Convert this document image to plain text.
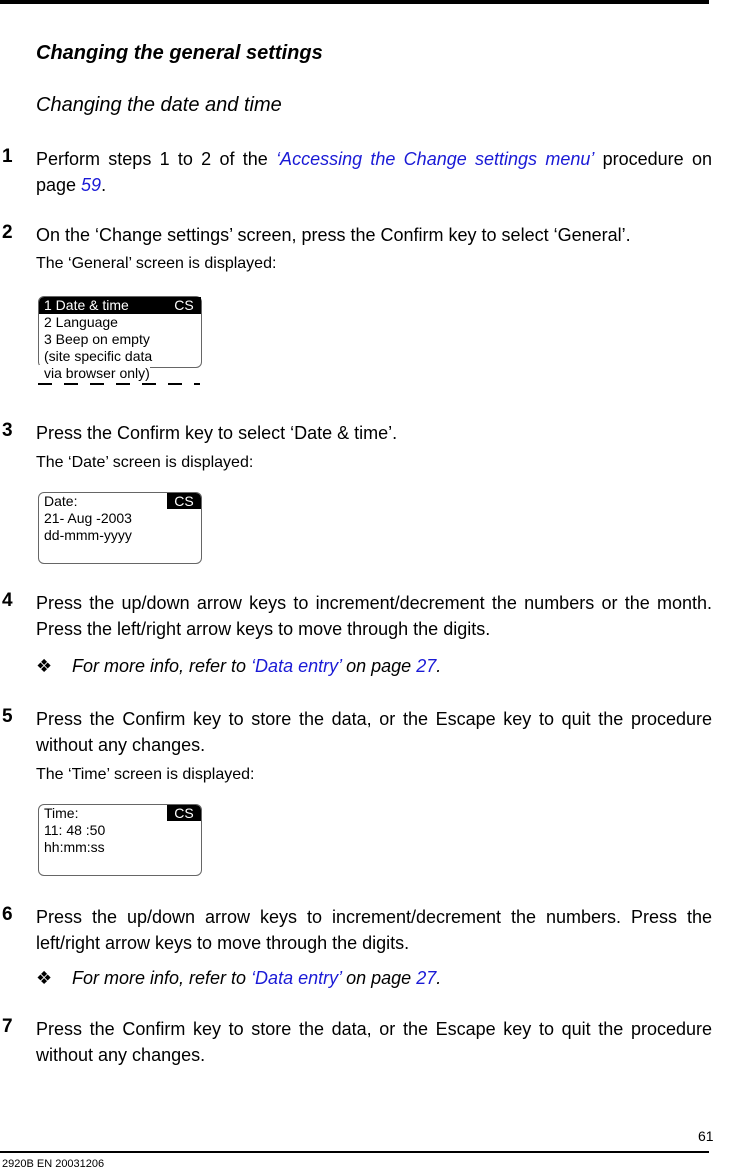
Changing the general settings
Changing the date and time
1 Perform steps 1 to 2 of the ‘Accessing the Change settings menu’ procedure on page 59.
2 On the ‘Change settings’ screen, press the Confirm key to select ‘General’.
The ‘General’ screen is displayed:
1 Date & time
2 Language
3 Beep on empty
(site specific data
via browser only)
CS
3 Press the Confirm key to select ‘Date & time’.
The ‘Date’ screen is displayed:
Date:
21- Aug -2003
dd-mmm-yyyy
CS
4 Press the up/down arrow keys to increment/decrement the numbers or the month. Press the left/right arrow keys to move through the digits.
❖ For more info, refer to ‘Data entry’ on page 27.
5 Press the Confirm key to store the data, or the Escape key to quit the procedure without any changes.
The ‘Time’ screen is displayed:
Time:
11: 48 :50
hh:mm:ss
CS
6 Press the up/down arrow keys to increment/decrement the numbers. Press the left/right arrow keys to move through the digits.
❖ For more info, refer to ‘Data entry’ on page 27.
7 Press the Confirm key to store the data, or the Escape key to quit the procedure without any changes.
61
2920B EN 20031206
